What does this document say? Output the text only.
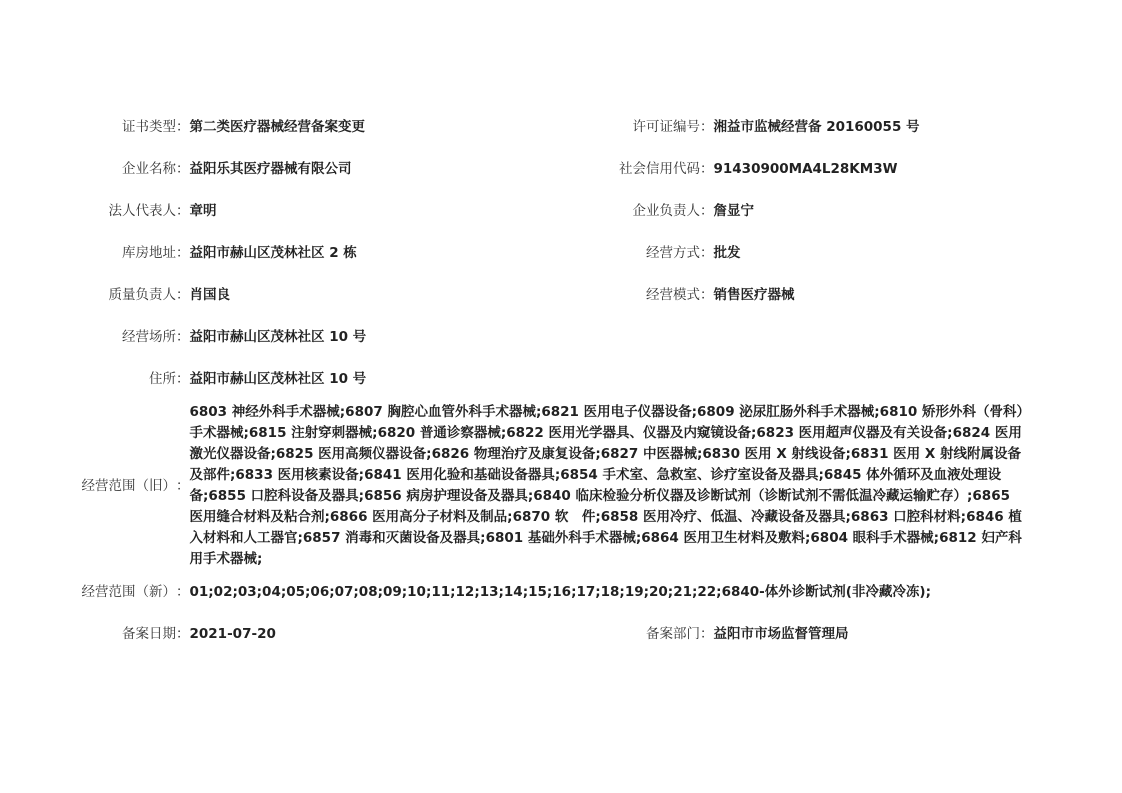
证书类型 ： 第二类医疗器械经营备案变更	许可证编号 ： 湘益市监械经营备 20160055 号
企业名称 ： 益阳乐其医疗器械有限公司	社会信用代码 ： 91430900MA4L28KM3W
法人代表人 ： 章明	企业负责人 ： 詹显宁
库房地址 ： 益阳市赫山区茂林社区 2 栋	经营方式 ： 批发
质量负责人 ： 肖国良	经营模式 ： 销售医疗器械
经营场所 ： 益阳市赫山区茂林社区 10 号
住所 ： 益阳市赫山区茂林社区 10 号
经营范围（旧） ：
6803 神经外科手术器械;6807 胸腔心血管外科手术器械;6821 医用电子仪器设备;6809 泌尿肛肠外科手术器械;6810 矫形外科（骨科）手术器械;6815 注射穿刺器械;6820 普通诊察器械;6822 医用光学器具、仪器及内窥镜设备;6823 医用超声仪器及有关设备;6824 医用激光仪器设备;6825 医用高频仪器设备;6826 物理治疗及康复设备;6827 中医器械;6830 医用 X 射线设备;6831 医用 X 射线附属设备及部件;6833 医用核素设备;6841 医用化验和基础设备器具;6854 手术室、急救室、诊疗室设备及器具;6845 体外循环及血液处理设备;6855 口腔科设备及器具;6856 病房护理设备及器具;6840 临床检验分析仪器及诊断试剂（诊断试剂不需低温冷藏运输贮存）;6865 医用缝合材料及粘合剂;6866 医用高分子材料及制品;6870 软　件;6858 医用冷疗、低温、冷藏设备及器具;6863 口腔科材料;6846 植入材料和人工器官;6857 消毒和灭菌设备及器具;6801 基础外科手术器械;6864 医用卫生材料及敷料;6804 眼科手术器械;6812 妇产科用手术器械;
经营范围（新） ： 01;02;03;04;05;06;07;08;09;10;11;12;13;14;15;16;17;18;19;20;21;22;6840-体外诊断试剂(非冷藏冷冻);
备案日期 ： 2021-07-20	备案部门 ： 益阳市市场监督管理局
